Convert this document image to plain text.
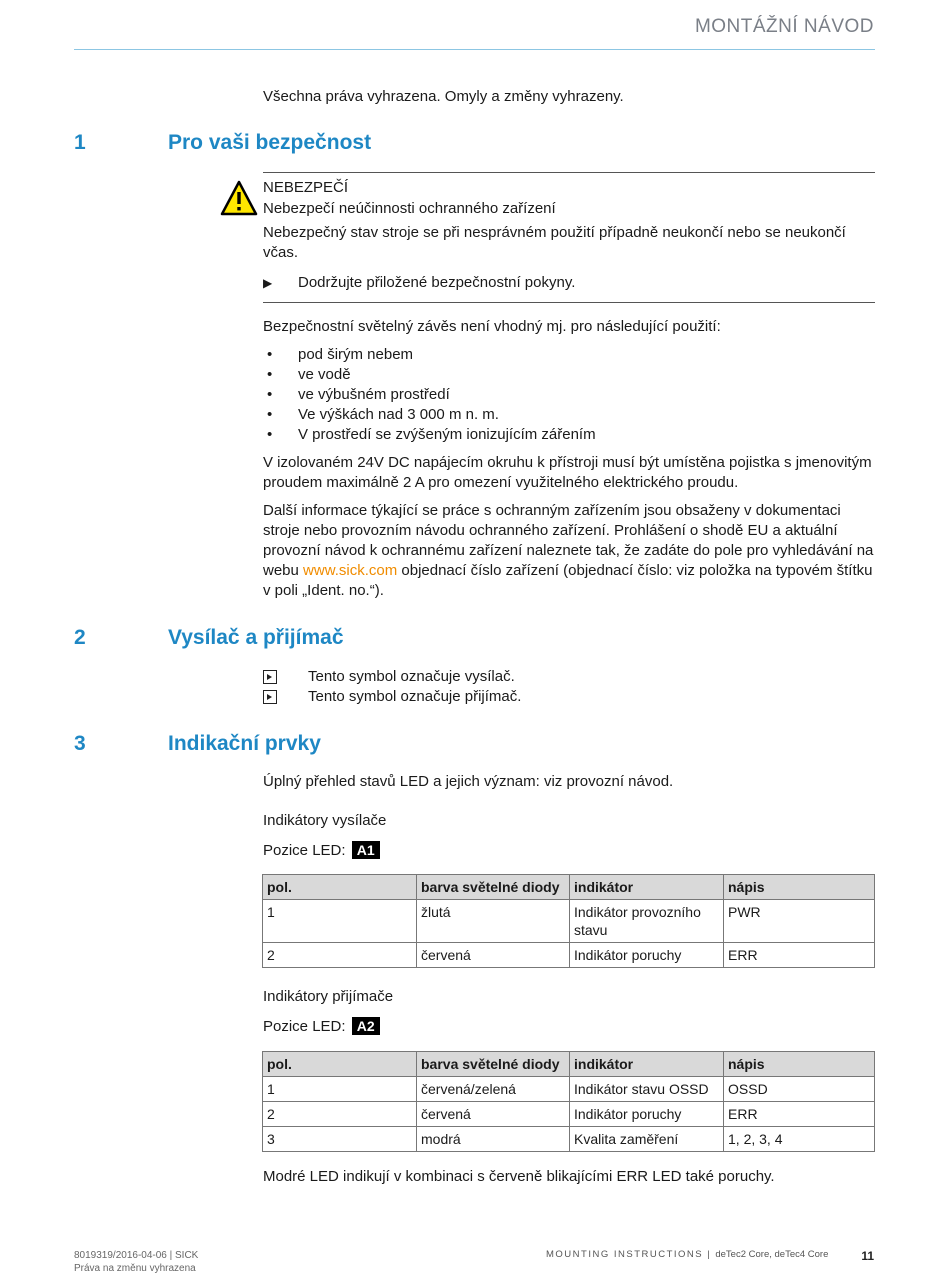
MONTÁŽNÍ NÁVOD
Všechna práva vyhrazena. Omyly a změny vyhrazeny.
1	Pro vaši bezpečnost
NEBEZPEČÍ
Nebezpečí neúčinnosti ochranného zařízení
Nebezpečný stav stroje se při nesprávném použití případně neukončí nebo se neukončí včas.
▶ Dodržujte přiložené bezpečnostní pokyny.
Bezpečnostní světelný závěs není vhodný mj. pro následující použití:
• pod širým nebem
• ve vodě
• ve výbušném prostředí
• Ve výškách nad 3 000 m n. m.
• V prostředí se zvýšeným ionizujícím zářením
V izolovaném 24V DC napájecím okruhu k přístroji musí být umístěna pojistka s jmenovitým proudem maximálně 2 A pro omezení využitelného elektrického proudu.
Další informace týkající se práce s ochranným zařízením jsou obsaženy v dokumentaci stroje nebo provozním návodu ochranného zařízení. Prohlášení o shodě EU a aktuální provozní návod k ochrannému zařízení naleznete tak, že zadáte do pole pro vyhledávání na webu www.sick.com objednací číslo zařízení (objednací číslo: viz položka na typovém štítku v poli „Ident. no.“).
2	Vysílač a přijímač
Tento symbol označuje vysílač.
Tento symbol označuje přijímač.
3	Indikační prvky
Úplný přehled stavů LED a jejich význam: viz provozní návod.
Indikátory vysílače
Pozice LED: A1
pol.	barva světelné diody	indikátor	nápis
1	žlutá	Indikátor provozního stavu	PWR
2	červená	Indikátor poruchy	ERR
Indikátory přijímače
Pozice LED: A2
pol.	barva světelné diody	indikátor	nápis
1	červená/zelená	Indikátor stavu OSSD	OSSD
2	červená	Indikátor poruchy	ERR
3	modrá	Kvalita zaměření	1, 2, 3, 4
Modré LED indikují v kombinaci s červeně blikajícími ERR LED také poruchy.
8019319/2016-04-06 | SICK
Práva na změnu vyhrazena
MOUNTING INSTRUCTIONS | deTec2 Core, deTec4 Core	11
